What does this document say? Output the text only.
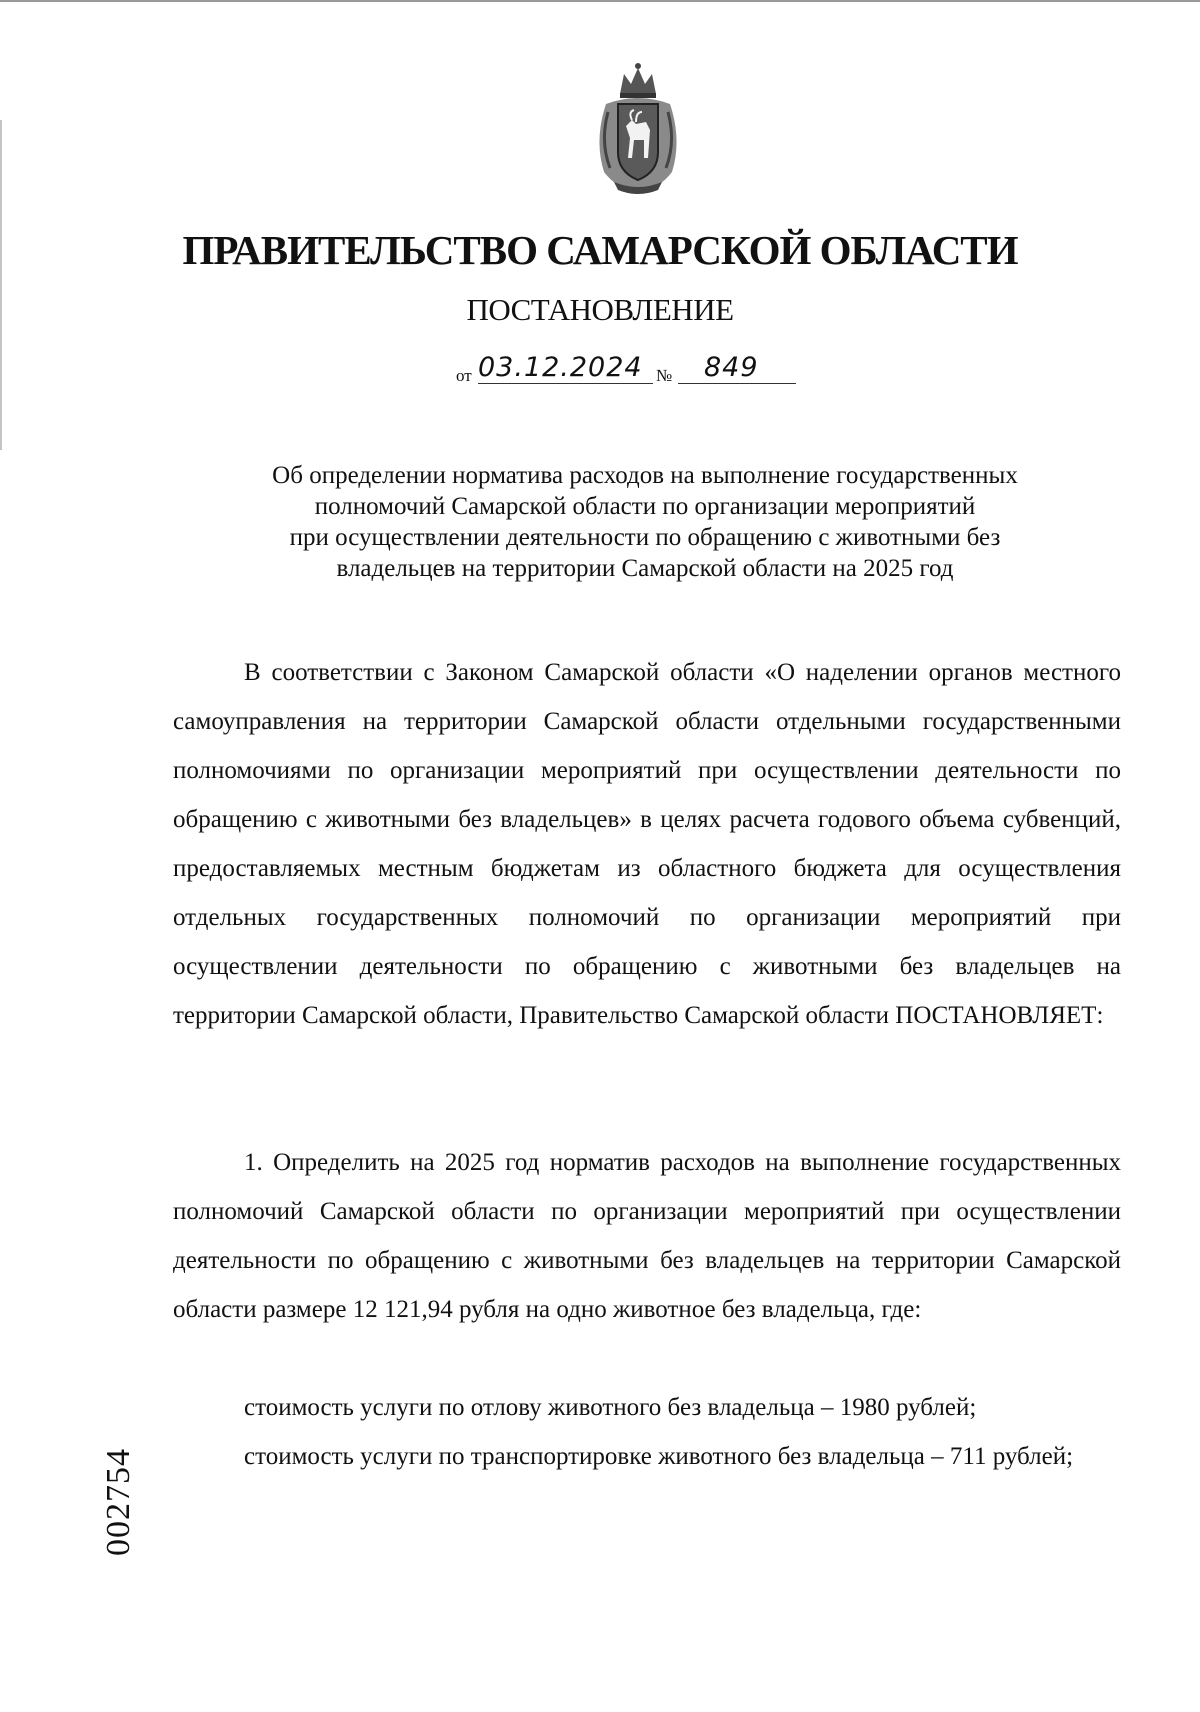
ПРАВИТЕЛЬСТВО САМАРСКОЙ ОБЛАСТИ
ПОСТАНОВЛЕНИЕ
от 03.12.2024 № 849
Об определении норматива расходов на выполнение государственных
полномочий Самарской области по организации мероприятий
при осуществлении деятельности по обращению с животными без
владельцев на территории Самарской области на 2025 год

В соответствии с Законом Самарской области «О наделении органов местного самоуправления на территории Самарской области отдельными государственными полномочиями по организации мероприятий при осуществлении деятельности по обращению с животными без владельцев» в целях расчета годового объема субвенций, предоставляемых местным бюджетам из областного бюджета для осуществления отдельных государственных полномочий по организации мероприятий при осуществлении деятельности по обращению с животными без владельцев на территории Самарской области, Правительство Самарской области ПОСТАНОВЛЯЕТ:

1. Определить на 2025 год норматив расходов на выполнение государственных полномочий Самарской области по организации мероприятий при осуществлении деятельности по обращению с животными без владельцев на территории Самарской области размере 12 121,94 рубля на одно животное без владельца, где:

стоимость услуги по отлову животного без владельца – 1980 рублей;

стоимость услуги по транспортировке животного без владельца – 711 рублей;

002754
